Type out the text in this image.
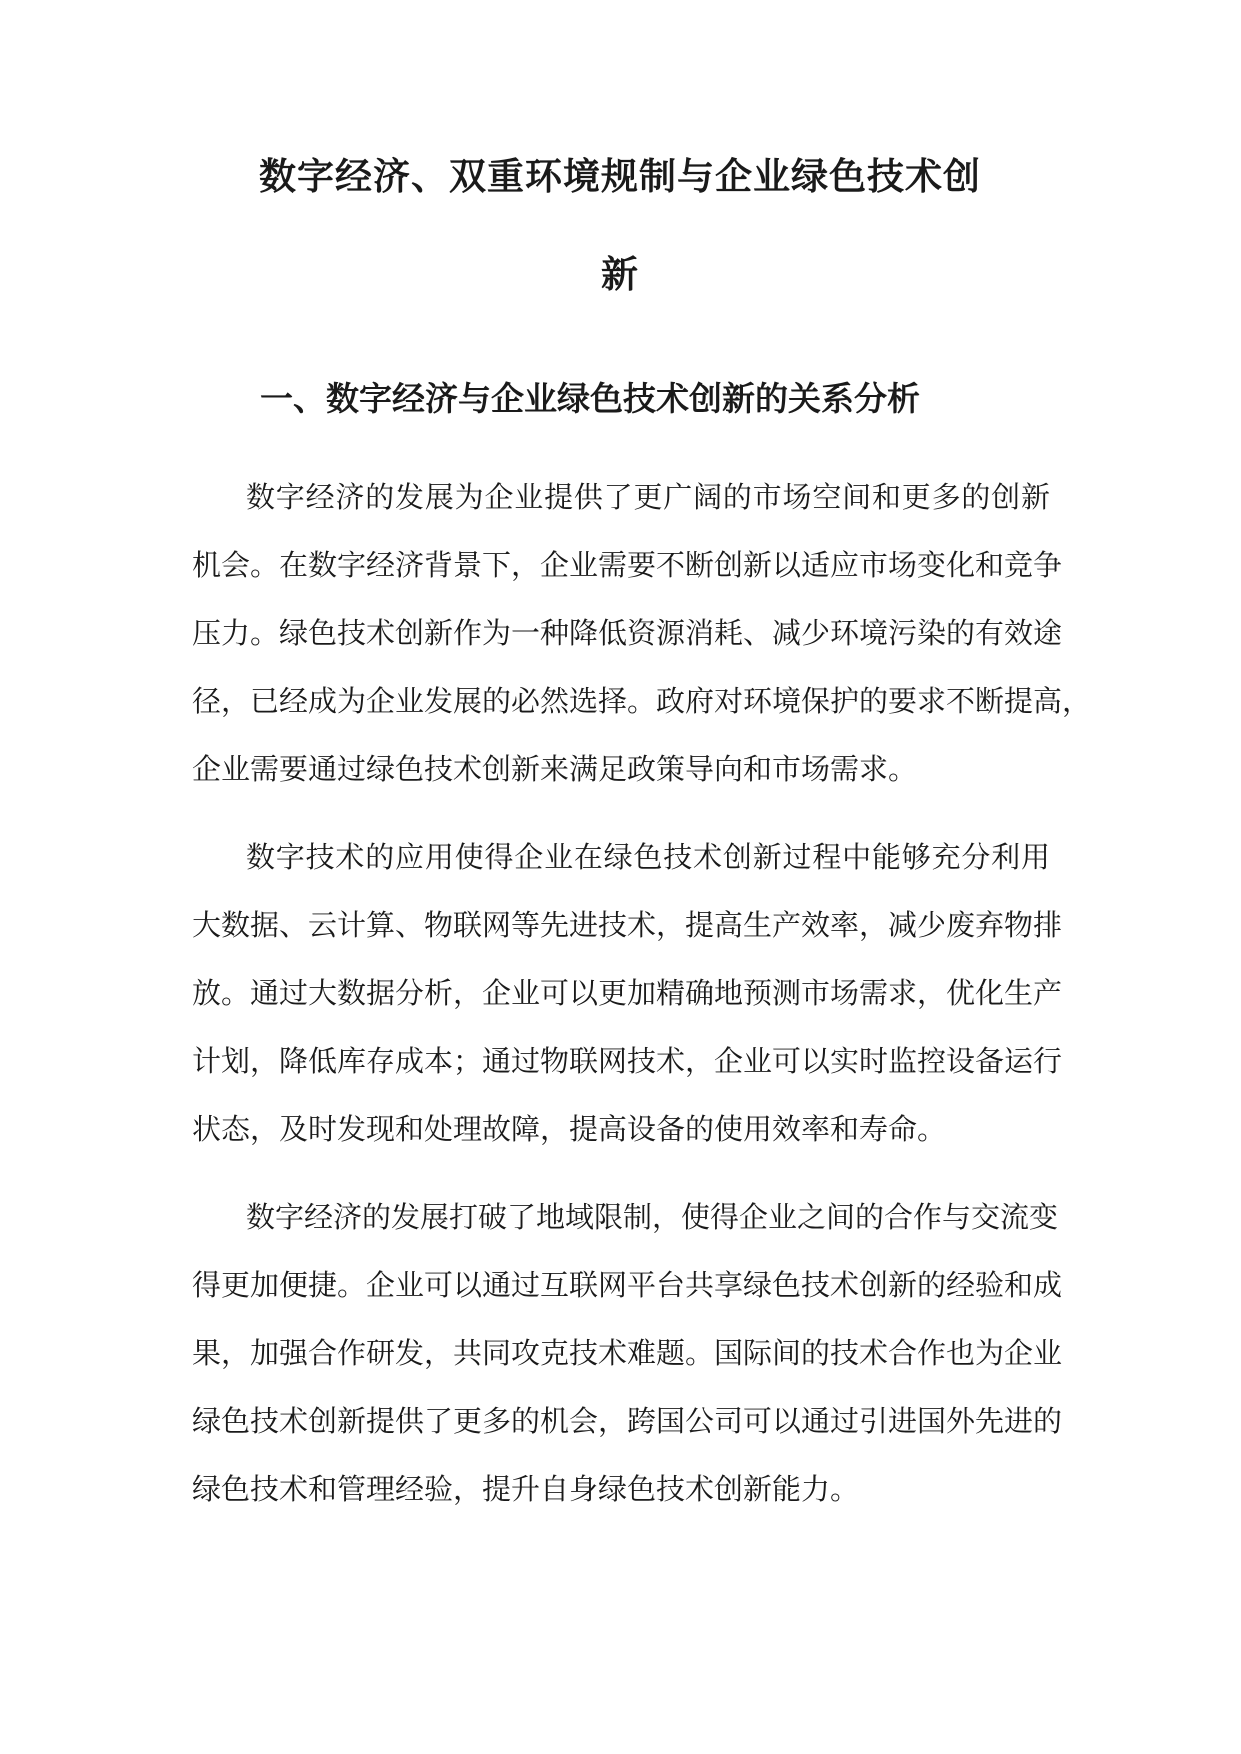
数字经济、双重环境规制与企业绿色技术创
新
一、数字经济与企业绿色技术创新的关系分析

数字经济的发展为企业提供了更广阔的市场空间和更多的创新

机会。在数字经济背景下，企业需要不断创新以适应市场变化和竞争

压力。绿色技术创新作为一种降低资源消耗、减少环境污染的有效途

径，已经成为企业发展的必然选择。政府对环境保护的要求不断提高，

企业需要通过绿色技术创新来满足政策导向和市场需求。

数字技术的应用使得企业在绿色技术创新过程中能够充分利用

大数据、云计算、物联网等先进技术，提高生产效率，减少废弃物排

放。通过大数据分析，企业可以更加精确地预测市场需求，优化生产

计划，降低库存成本；通过物联网技术，企业可以实时监控设备运行

状态，及时发现和处理故障，提高设备的使用效率和寿命。

数字经济的发展打破了地域限制，使得企业之间的合作与交流变

得更加便捷。企业可以通过互联网平台共享绿色技术创新的经验和成

果，加强合作研发，共同攻克技术难题。国际间的技术合作也为企业

绿色技术创新提供了更多的机会，跨国公司可以通过引进国外先进的

绿色技术和管理经验，提升自身绿色技术创新能力。
